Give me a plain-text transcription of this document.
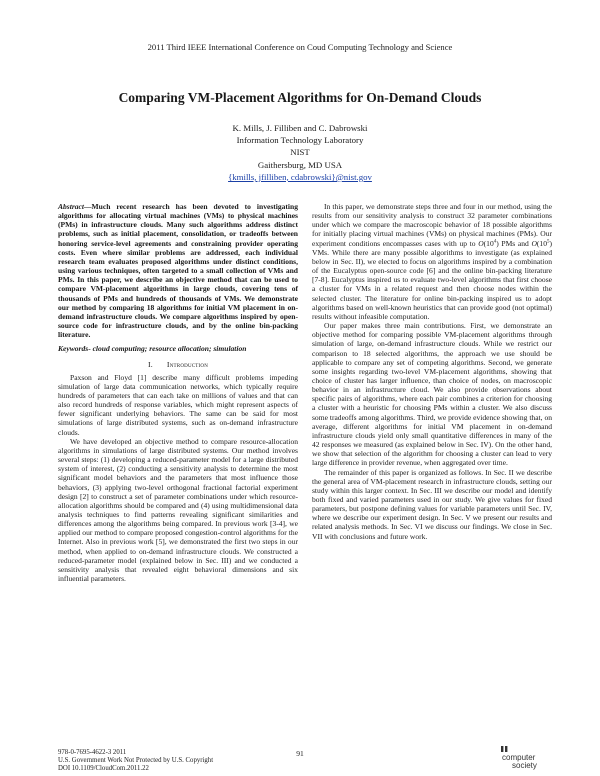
2011 Third IEEE International Conference on Coud Computing Technology and Science
Comparing VM-Placement Algorithms for On-Demand Clouds
K. Mills, J. Filliben and C. Dabrowski
Information Technology Laboratory
NIST
Gaithersburg, MD USA
{kmills, jfilliben, cdabrowski}@nist.gov

Abstract—Much recent research has been devoted to investigating algorithms for allocating virtual machines (VMs) to physical machines (PMs) in infrastructure clouds. Many such algorithms address distinct problems, such as initial placement, consolidation, or tradeoffs between honoring service-level agreements and constraining provider operating costs. Even where similar problems are addressed, each individual research team evaluates proposed algorithms under distinct conditions, using various techniques, often targeted to a small collection of VMs and PMs. In this paper, we describe an objective method that can be used to compare VM-placement algorithms in large clouds, covering tens of thousands of PMs and hundreds of thousands of VMs. We demonstrate our method by comparing 18 algorithms for initial VM placement in on-demand infrastructure clouds. We compare algorithms inspired by open-source code for infrastructure clouds, and by the online bin-packing literature.

Keywords- cloud computing; resource allocation; simulation

I. Introduction

Paxson and Floyd [1] describe many difficult problems impeding simulation of large data communication networks, which typically require hundreds of parameters that can each take on millions of values and that can also record hundreds of response variables, which might represent aspects of fewer significant underlying behaviors. The same can be said for most simulations of large distributed systems, such as on-demand infrastructure clouds.

We have developed an objective method to compare resource-allocation algorithms in simulations of large distributed systems. Our method involves several steps: (1) developing a reduced-parameter model for a large distributed system of interest, (2) conducting a sensitivity analysis to determine the most significant model behaviors and the parameters that most influence those behaviors, (3) applying two-level orthogonal fractional factorial experiment design [2] to construct a set of parameter combinations under which resource-allocation algorithms should be compared and (4) using multidimensional data analysis techniques to find patterns revealing significant similarities and differences among the algorithms being compared. In previous work [3-4], we applied our method to compare proposed congestion-control algorithms for the Internet. Also in previous work [5], we demonstrated the first two steps in our method, when applied to on-demand infrastructure clouds. We constructed a reduced-parameter model (explained below in Sec. III) and we conducted a sensitivity analysis that revealed eight behavioral dimensions and six influential parameters.

In this paper, we demonstrate steps three and four in our method, using the results from our sensitivity analysis to construct 32 parameter combinations under which we compare the macroscopic behavior of 18 possible algorithms for initially placing virtual machines (VMs) on physical machines (PMs). Our experiment conditions encompasses cases with up to $O(10^4)$ PMs and $O(10^5)$ VMs. While there are many possible algorithms to investigate (as explained below in Sec. II), we elected to focus on algorithms inspired by a combination of the Eucalyptus open-source code [6] and the online bin-packing literature [7-8]. Eucalyptus inspired us to evaluate two-level algorithms that first choose a cluster for VMs in a related request and then choose nodes within the selected cluster. The literature for online bin-packing inspired us to adopt algorithms based on well-known heuristics that can provide good (not optimal) results without infeasible computation.

Our paper makes three main contributions. First, we demonstrate an objective method for comparing possible VM-placement algorithms through simulation of large, on-demand infrastructure clouds. While we restrict our comparison to 18 selected algorithms, the approach we use should be applicable to compare any set of competing algorithms. Second, we generate some insights regarding two-level VM-placement algorithms, showing that choice of cluster has larger influence, than choice of nodes, on macroscopic behavior in an infrastructure cloud. We also provide observations about specific pairs of algorithms, where each pair combines a criterion for choosing a cluster with a heuristic for choosing PMs within a cluster. We also discuss some tradeoffs among algorithms. Third, we provide evidence showing that, on average, different algorithms for initial VM placement in on-demand infrastructure clouds yield only small quantitative differences in many of the 42 responses we measured (as explained below in Sec. IV). On the other hand, we show that selection of the algorithm for choosing a cluster can lead to very large difference in provider revenue, when aggregated over time.

The remainder of this paper is organized as follows. In Sec. II we describe the general area of VM-placement research in infrastructure clouds, setting our study within this larger context. In Sec. III we describe our model and identify both fixed and varied parameters used in our study. We give values for fixed parameters, but postpone defining values for variable parameters until Sec. IV, where we describe our experiment design. In Sec. V we present our results and related analysis methods. In Sec. VI we discuss our findings. We close in Sec. VII with conclusions and future work.

978-0-7695-4622-3 2011
U.S. Government Work Not Protected by U.S. Copyright
DOI 10.1109/CloudCom.2011.22
91	computer
society
